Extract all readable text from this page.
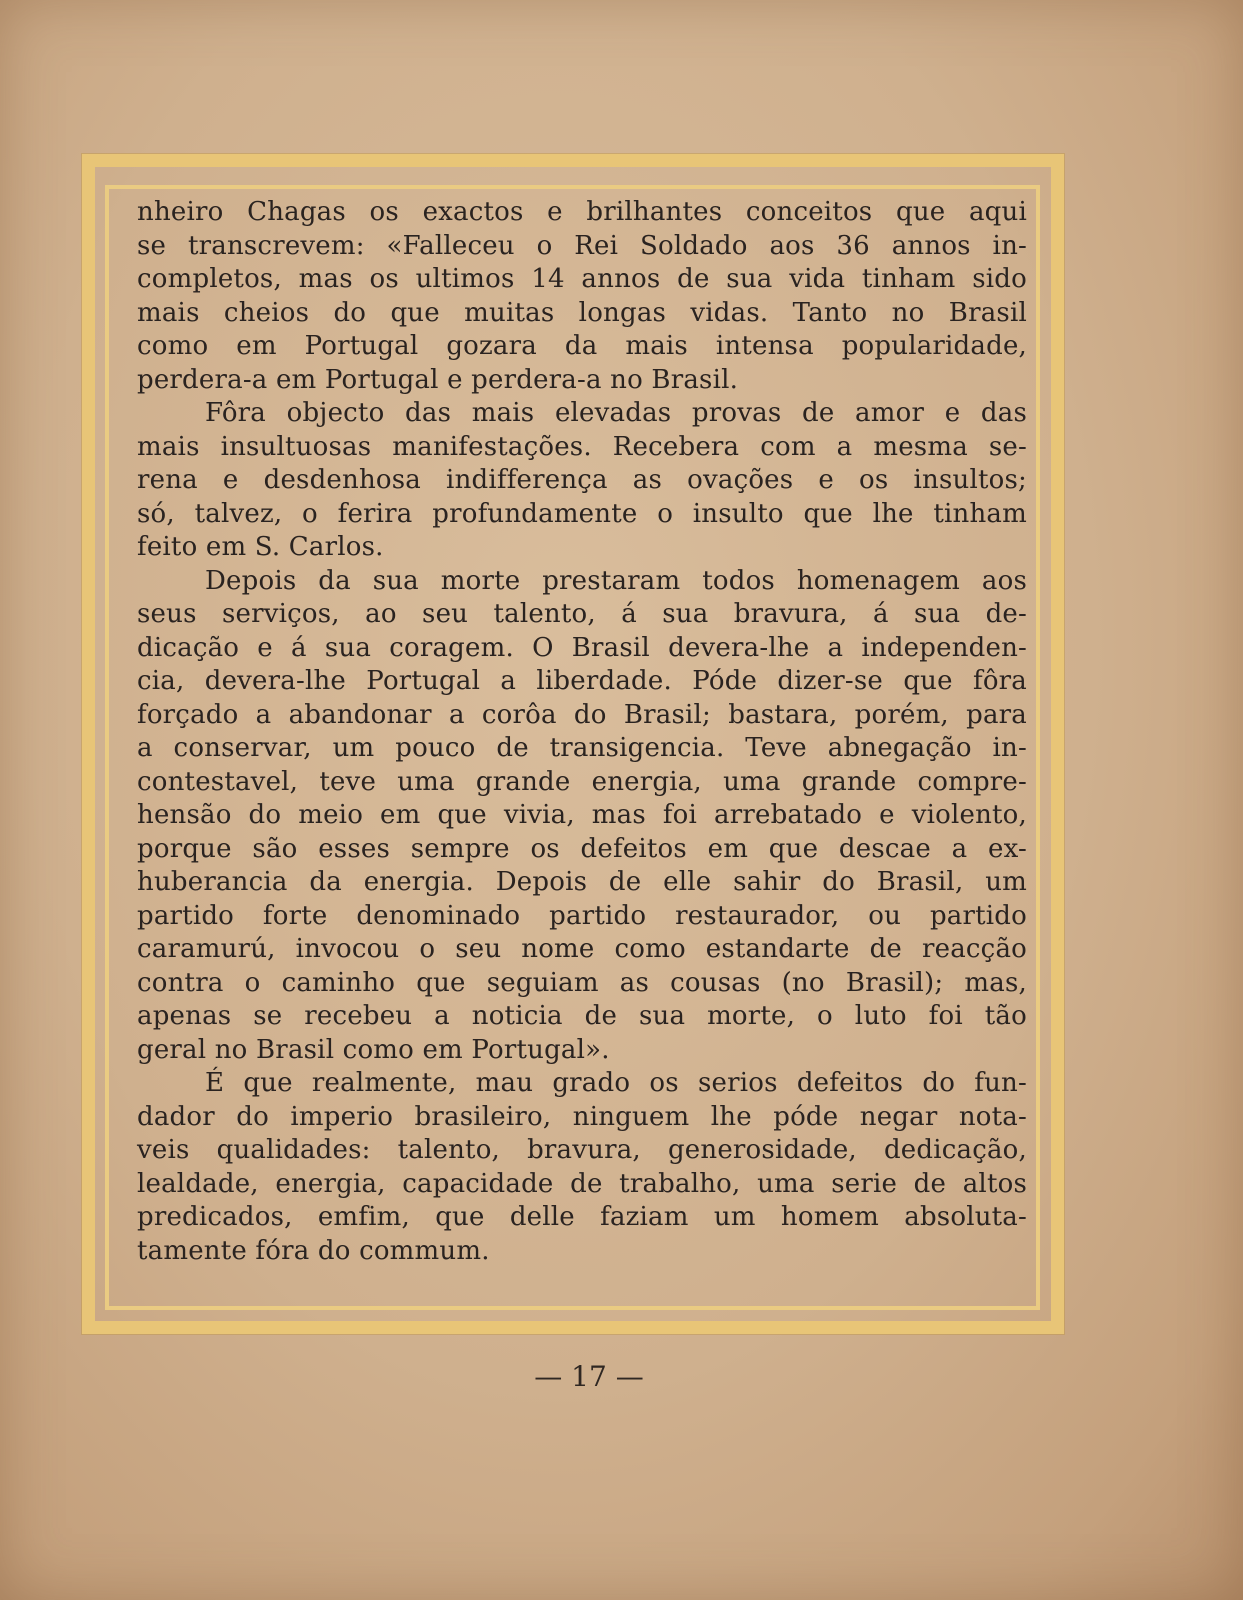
nheiro Chagas os exactos e brilhantes conceitos que aqui
se transcrevem: «Falleceu o Rei Soldado aos 36 annos in-
completos, mas os ultimos 14 annos de sua vida tinham sido
mais cheios do que muitas longas vidas. Tanto no Brasil
como em Portugal gozara da mais intensa popularidade,
perdera-a em Portugal e perdera-a no Brasil.
Fôra objecto das mais elevadas provas de amor e das
mais insultuosas manifestações. Recebera com a mesma se-
rena e desdenhosa indifferença as ovações e os insultos;
só, talvez, o ferira profundamente o insulto que lhe tinham
feito em S. Carlos.
Depois da sua morte prestaram todos homenagem aos
seus serviços, ao seu talento, á sua bravura, á sua de-
dicação e á sua coragem. O Brasil devera-lhe a independen-
cia, devera-lhe Portugal a liberdade. Póde dizer-se que fôra
forçado a abandonar a corôa do Brasil; bastara, porém, para
a conservar, um pouco de transigencia. Teve abnegação in-
contestavel, teve uma grande energia, uma grande compre-
hensão do meio em que vivia, mas foi arrebatado e violento,
porque são esses sempre os defeitos em que descae a ex-
huberancia da energia. Depois de elle sahir do Brasil, um
partido forte denominado partido restaurador, ou partido
caramurú, invocou o seu nome como estandarte de reacção
contra o caminho que seguiam as cousas (no Brasil); mas,
apenas se recebeu a noticia de sua morte, o luto foi tão
geral no Brasil como em Portugal».
É que realmente, mau grado os serios defeitos do fun-
dador do imperio brasileiro, ninguem lhe póde negar nota-
veis qualidades: talento, bravura, generosidade, dedicação,
lealdade, energia, capacidade de trabalho, uma serie de altos
predicados, emfim, que delle faziam um homem absoluta-
tamente fóra do commum.
— 17 —
